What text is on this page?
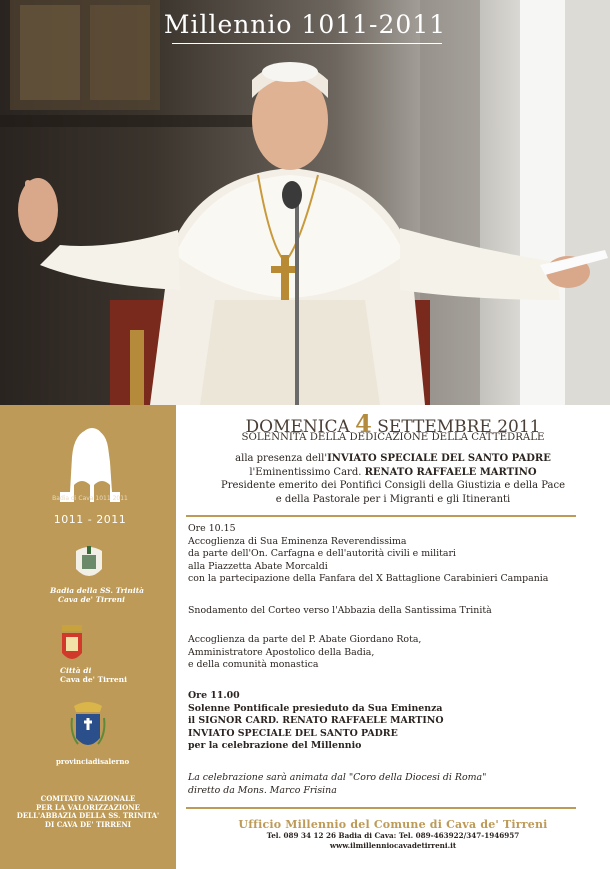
Millennio 1011-2011
Badia di Cava 1011 2011
1011 - 2011
Badia della SS. Trinità
Cava de' Tirreni
Città di
Cava de' Tirreni
provinciadisalerno
COMITATO NAZIONALE
PER LA VALORIZZAZIONE
DELL'ABBAZIA DELLA SS. TRINITA'
DI CAVA DE' TIRRENI
DOMENICA 4 SETTEMBRE 2011
SOLENNITÀ DELLA DEDICAZIONE DELLA CATTEDRALE
alla presenza dell'INVIATO SPECIALE DEL SANTO PADRE
l'Eminentissimo Card. RENATO RAFFAELE MARTINO
Presidente emerito dei Pontifici Consigli della Giustizia e della Pace
e della Pastorale per i Migranti e gli Itineranti
Ore 10.15
Accoglienza di Sua Eminenza Reverendissima
da parte dell'On. Carfagna e dell'autorità civili e militari
alla Piazzetta Abate Morcaldi
con la partecipazione della Fanfara del X Battaglione Carabinieri Campania
Snodamento del Corteo verso l'Abbazia della Santissima Trinità
Accoglienza da parte del P. Abate Giordano Rota,
Amministratore Apostolico della Badia,
e della comunità monastica
Ore 11.00
Solenne Pontificale presieduto da Sua Eminenza
il SIGNOR CARD. RENATO RAFFAELE MARTINO
INVIATO SPECIALE DEL SANTO PADRE
per la celebrazione del Millennio
La celebrazione sarà animata dal "Coro della Diocesi di Roma"
diretto da Mons. Marco Frisina
Ufficio Millennio del Comune di Cava de' Tirreni
Tel. 089 34 12 26 Badia di Cava: Tel. 089-463922/347-1946957
www.ilmillenniocavadetirreni.it
